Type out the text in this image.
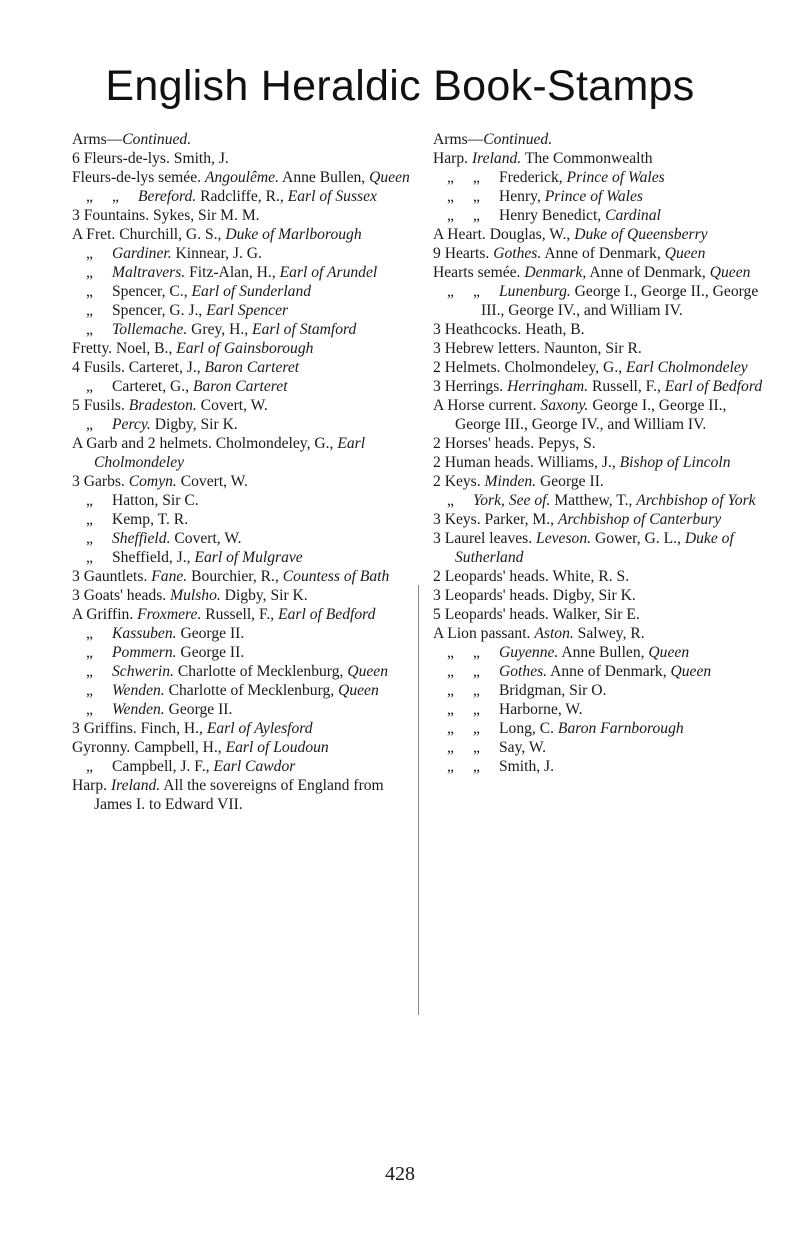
English Heraldic Book-Stamps

Arms—Continued.

6 Fleurs-de-lys. Smith, J.

Fleurs-de-lys semée. Angoulême. Anne Bullen, Queen

„ „ Bereford. Radcliffe, R., Earl of Sussex

3 Fountains. Sykes, Sir M. M.

A Fret. Churchill, G. S., Duke of Marlborough

„ Gardiner. Kinnear, J. G.

„ Maltravers. Fitz-Alan, H., Earl of Arundel

„ Spencer, C., Earl of Sunderland

„ Spencer, G. J., Earl Spencer

„ Tollemache. Grey, H., Earl of Stamford

Fretty. Noel, B., Earl of Gainsborough

4 Fusils. Carteret, J., Baron Carteret

„ Carteret, G., Baron Carteret

5 Fusils. Bradeston. Covert, W.

„ Percy. Digby, Sir K.

A Garb and 2 helmets. Cholmondeley, G., Earl Cholmondeley

3 Garbs. Comyn. Covert, W.

„ Hatton, Sir C.

„ Kemp, T. R.

„ Sheffield. Covert, W.

„ Sheffield, J., Earl of Mulgrave

3 Gauntlets. Fane. Bourchier, R., Countess of Bath

3 Goats' heads. Mulsho. Digby, Sir K.

A Griffin. Froxmere. Russell, F., Earl of Bedford

„ Kassuben. George II.

„ Pommern. George II.

„ Schwerin. Charlotte of Mecklenburg, Queen

„ Wenden. Charlotte of Mecklenburg, Queen

„ Wenden. George II.

3 Griffins. Finch, H., Earl of Aylesford

Gyronny. Campbell, H., Earl of Loudoun

„ Campbell, J. F., Earl Cawdor

Harp. Ireland. All the sovereigns of England from James I. to Edward VII.

Arms—Continued.

Harp. Ireland. The Commonwealth

„ „ Frederick, Prince of Wales

„ „ Henry, Prince of Wales

„ „ Henry Benedict, Cardinal

A Heart. Douglas, W., Duke of Queensberry

9 Hearts. Gothes. Anne of Denmark, Queen

Hearts semée. Denmark, Anne of Denmark, Queen

„ „ Lunenburg. George I., George II., George III., George IV., and William IV.

3 Heathcocks. Heath, B.

3 Hebrew letters. Naunton, Sir R.

2 Helmets. Cholmondeley, G., Earl Cholmondeley

3 Herrings. Herringham. Russell, F., Earl of Bedford

A Horse current. Saxony. George I., George II., George III., George IV., and William IV.

2 Horses' heads. Pepys, S.

2 Human heads. Williams, J., Bishop of Lincoln

2 Keys. Minden. George II.

„ York, See of. Matthew, T., Archbishop of York

3 Keys. Parker, M., Archbishop of Canterbury

3 Laurel leaves. Leveson. Gower, G. L., Duke of Sutherland

2 Leopards' heads. White, R. S.

3 Leopards' heads. Digby, Sir K.

5 Leopards' heads. Walker, Sir E.

A Lion passant. Aston. Salwey, R.

„ „ Guyenne. Anne Bullen, Queen

„ „ Gothes. Anne of Denmark, Queen

„ „ Bridgman, Sir O.

„ „ Harborne, W.

„ „ Long, C. Baron Farnborough

„ „ Say, W.

„ „ Smith, J.

428
